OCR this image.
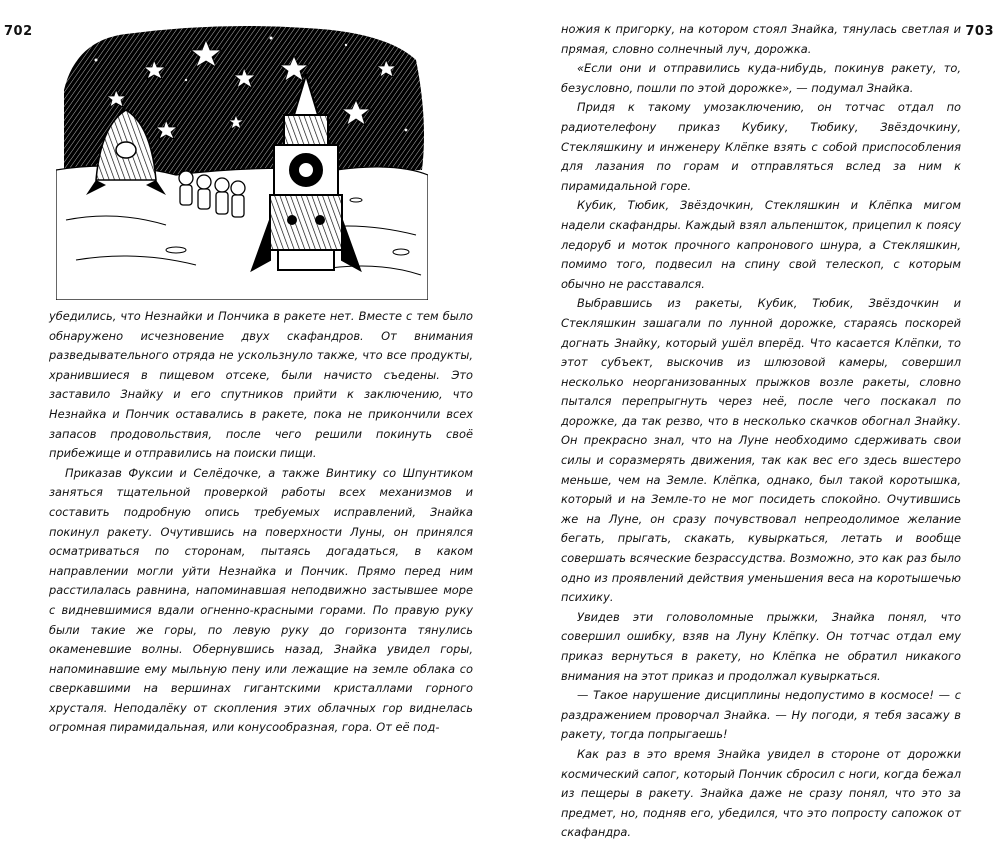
702	703

убедились, что Незнайки и Пончика в ракете нет. Вместе с тем было обнаружено исчезновение двух скафандров. От внимания разведывательного отряда не ускользнуло также, что все продукты, хранившиеся в пищевом отсеке, были начисто съедены. Это заставило Знайку и его спутников прийти к заключению, что Незнайка и Пончик оставались в ракете, пока не прикончили всех запасов продовольствия, после чего решили покинуть своё прибежище и отправились на поиски пищи.

Приказав Фуксии и Селёдочке, а также Винтику со Шпунтиком заняться тщательной проверкой работы всех механизмов и составить подробную опись требуемых исправлений, Знайка покинул ракету. Очутившись на поверхности Луны, он принялся осматриваться по сторонам, пытаясь догадаться, в каком направлении могли уйти Незнайка и Пончик. Прямо перед ним расстилалась равнина, напоминавшая неподвижно застывшее море с видневшимися вдали огненно-красными горами. По правую руку были такие же горы, по левую руку до горизонта тянулись окаменевшие волны. Обернувшись назад, Знайка увидел горы, напоминавшие ему мыльную пену или лежащие на земле облака со сверкавшими на вершинах гигантскими кристаллами горного хрусталя. Неподалёку от скопления этих облачных гор виднелась огромная пирамидальная, или конусообразная, гора. От её под-

ножия к пригорку, на котором стоял Знайка, тянулась светлая и прямая, словно солнечный луч, дорожка.

«Если они и отправились куда-нибудь, покинув ракету, то, безусловно, пошли по этой дорожке», — подумал Знайка.

Придя к такому умозаключению, он тотчас отдал по радиотелефону приказ Кубику, Тюбику, Звёздочкину, Стекляшкину и инженеру Клёпке взять с собой приспособления для лазания по горам и отправляться вслед за ним к пирамидальной горе.

Кубик, Тюбик, Звёздочкин, Стекляшкин и Клёпка мигом надели скафандры. Каждый взял альпеншток, прицепил к поясу ледоруб и моток прочного капронового шнура, а Стекляшкин, помимо того, подвесил на спину свой телескоп, с которым обычно не расставался.

Выбравшись из ракеты, Кубик, Тюбик, Звёздочкин и Стекляшкин зашагали по лунной дорожке, стараясь поскорей догнать Знайку, который ушёл вперёд. Что касается Клёпки, то этот субъект, выскочив из шлюзовой камеры, совершил несколько неорганизованных прыжков возле ракеты, словно пытался перепрыгнуть через неё, после чего поскакал по дорожке, да так резво, что в несколько скачков обогнал Знайку. Он прекрасно знал, что на Луне необходимо сдерживать свои силы и соразмерять движения, так как вес его здесь вшестеро меньше, чем на Земле. Клёпка, однако, был такой коротышка, который и на Земле-то не мог посидеть спокойно. Очутившись же на Луне, он сразу почувствовал непреодолимое желание бегать, прыгать, скакать, кувыркаться, летать и вообще совершать всяческие безрассудства. Возможно, это как раз было одно из проявлений действия уменьшения веса на коротышечью психику.

Увидев эти головоломные прыжки, Знайка понял, что совершил ошибку, взяв на Луну Клёпку. Он тотчас отдал ему приказ вернуться в ракету, но Клёпка не обратил никакого внимания на этот приказ и продолжал кувыркаться.

— Такое нарушение дисциплины недопустимо в космосе! — с раздражением проворчал Знайка. — Ну погоди, я тебя засажу в ракету, тогда попрыгаешь!

Как раз в это время Знайка увидел в стороне от дорожки космический сапог, который Пончик сбросил с ноги, когда бежал из пещеры в ракету. Знайка даже не сразу понял, что это за предмет, но, подняв его, убедился, что это попросту сапожок от скафандра.
